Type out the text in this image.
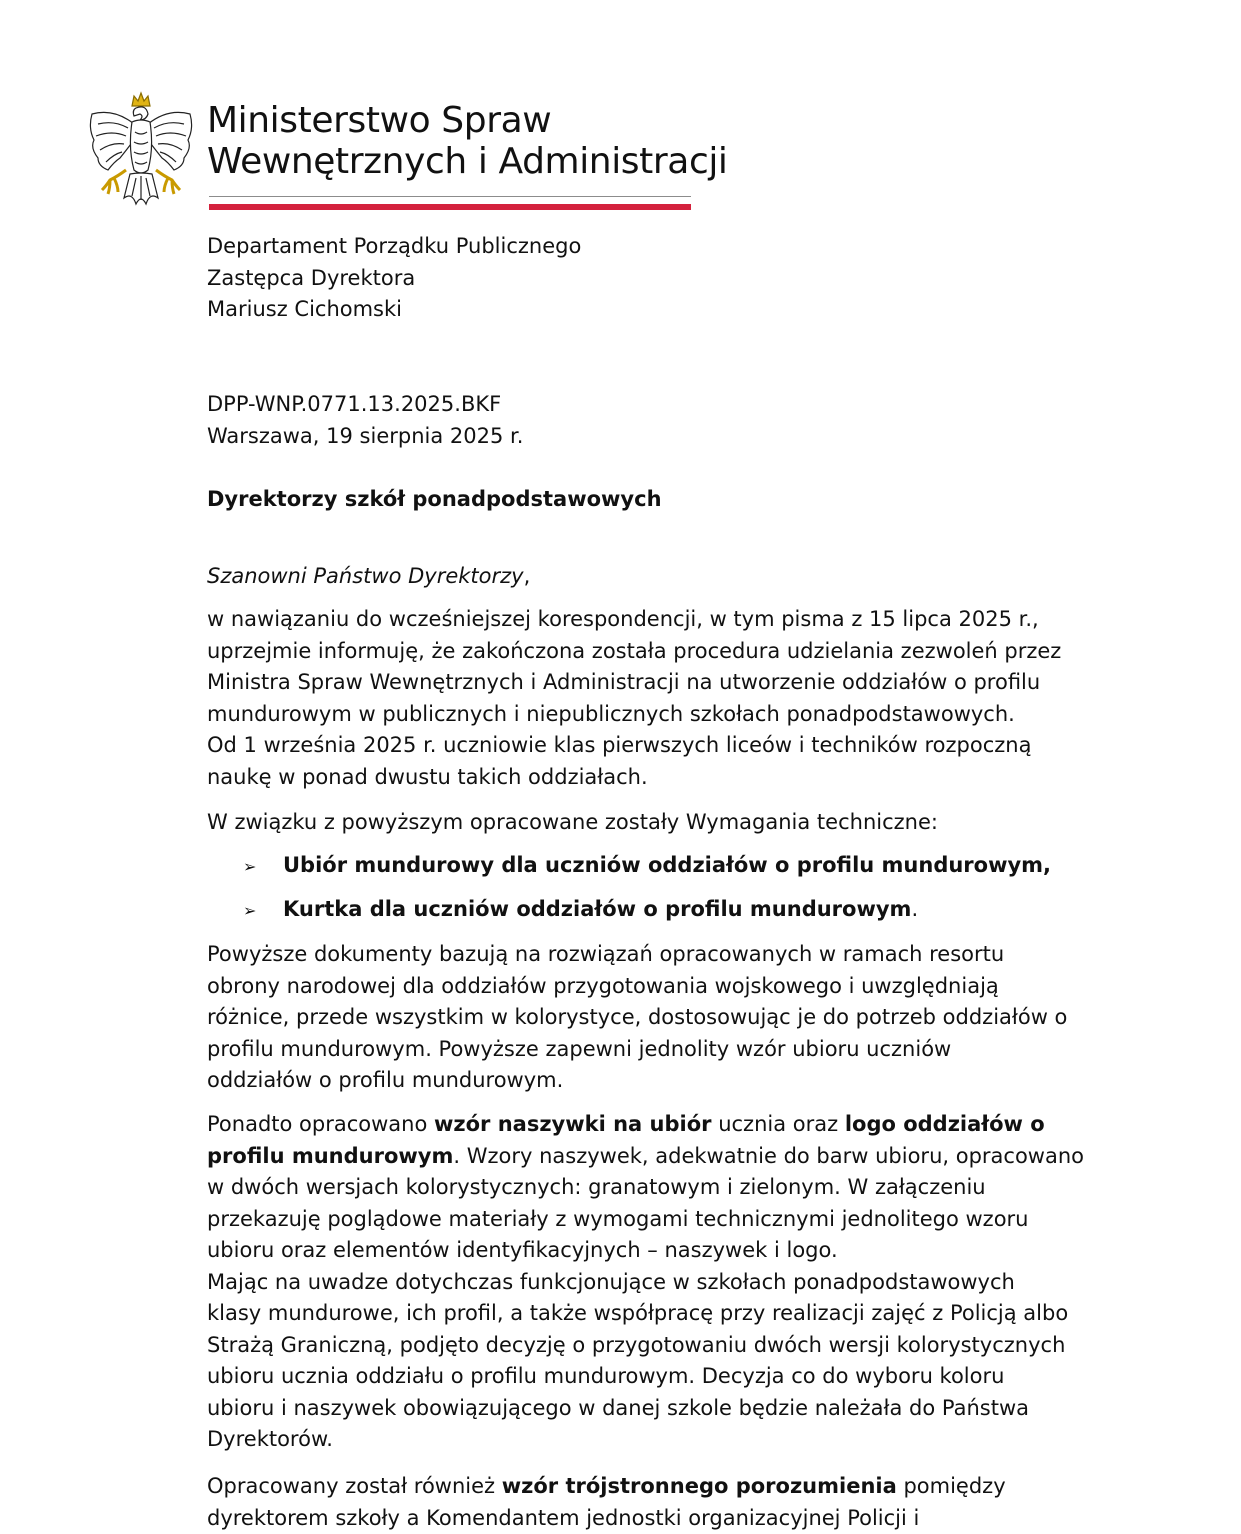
Ministerstwo Spraw
Wewnętrznych i Administracji
Departament Porządku Publicznego
Zastępca Dyrektora
Mariusz Cichomski
DPP-WNP.0771.13.2025.BKF
Warszawa, 19 sierpnia 2025 r.
Dyrektorzy szkół ponadpodstawowych
Szanowni Państwo Dyrektorzy,
w nawiązaniu do wcześniejszej korespondencji, w tym pisma z 15 lipca 2025 r.,
uprzejmie informuję, że zakończona została procedura udzielania zezwoleń przez
Ministra Spraw Wewnętrznych i Administracji na utworzenie oddziałów o profilu
mundurowym w publicznych i niepublicznych szkołach ponadpodstawowych.
Od 1 września 2025 r. uczniowie klas pierwszych liceów i techników rozpoczną
naukę w ponad dwustu takich oddziałach.
W związku z powyższym opracowane zostały Wymagania techniczne:
➢ Ubiór mundurowy dla uczniów oddziałów o profilu mundurowym,
➢ Kurtka dla uczniów oddziałów o profilu mundurowym.
Powyższe dokumenty bazują na rozwiązań opracowanych w ramach resortu
obrony narodowej dla oddziałów przygotowania wojskowego i uwzględniają
różnice, przede wszystkim w kolorystyce, dostosowując je do potrzeb oddziałów o
profilu mundurowym. Powyższe zapewni jednolity wzór ubioru uczniów
oddziałów o profilu mundurowym.
Ponadto opracowano wzór naszywki na ubiór ucznia oraz logo oddziałów o
profilu mundurowym. Wzory naszywek, adekwatnie do barw ubioru, opracowano
w dwóch wersjach kolorystycznych: granatowym i zielonym. W załączeniu
przekazuję poglądowe materiały z wymogami technicznymi jednolitego wzoru
ubioru oraz elementów identyfikacyjnych – naszywek i logo.
Mając na uwadze dotychczas funkcjonujące w szkołach ponadpodstawowych
klasy mundurowe, ich profil, a także współpracę przy realizacji zajęć z Policją albo
Strażą Graniczną, podjęto decyzję o przygotowaniu dwóch wersji kolorystycznych
ubioru ucznia oddziału o profilu mundurowym. Decyzja co do wyboru koloru
ubioru i naszywek obowiązującego w danej szkole będzie należała do Państwa
Dyrektorów.
Opracowany został również wzór trójstronnego porozumienia pomiędzy
dyrektorem szkoły a Komendantem jednostki organizacyjnej Policji i
